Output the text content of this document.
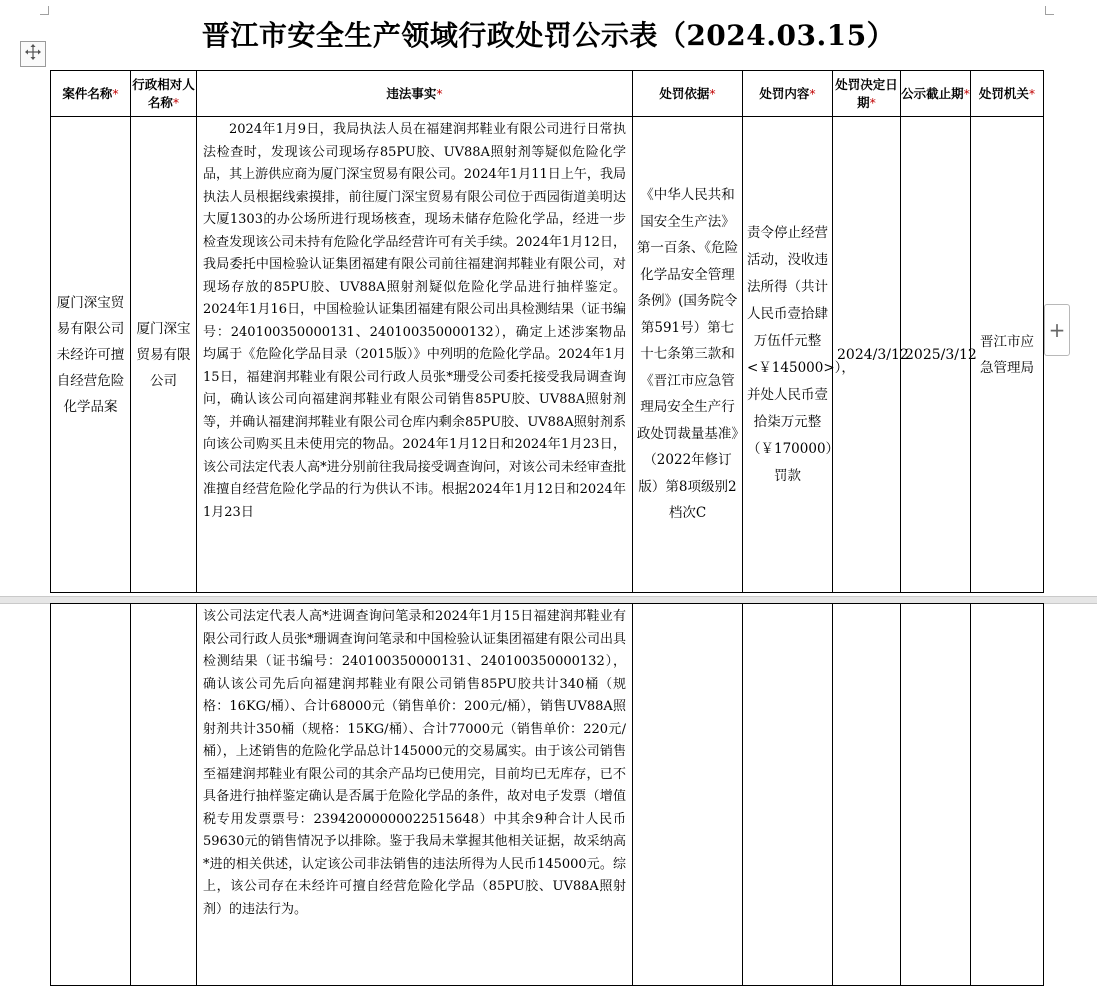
晋江市安全生产领域行政处罚公示表（2024.03.15）
案件名称*	行政相对人名称*	违法事实*	处罚依据*	处罚内容*	处罚决定日期*	公示截止期*	处罚机关*
厦门深宝贸易有限公司未经许可擅自经营危险化学品案	厦门深宝贸易有限公司	2024年1月9日，我局执法人员在福建润邦鞋业有限公司进行日常执法检查时，发现该公司现场存85PU胶、UV88A照射剂等疑似危险化学品，其上游供应商为厦门深宝贸易有限公司。2024年1月11日上午，我局执法人员根据线索摸排，前往厦门深宝贸易有限公司位于西园街道美明达大厦1303的办公场所进行现场核查，现场未储存危险化学品，经进一步检查发现该公司未持有危险化学品经营许可有关手续。2024年1月12日，我局委托中国检验认证集团福建有限公司前往福建润邦鞋业有限公司，对现场存放的85PU胶、UV88A照射剂疑似危险化学品进行抽样鉴定。2024年1月16日，中国检验认证集团福建有限公司出具检测结果（证书编号：240100350000131、240100350000132），确定上述涉案物品均属于《危险化学品目录（2015版）》中列明的危险化学品。2024年1月15日，福建润邦鞋业有限公司行政人员张*珊受公司委托接受我局调查询问，确认该公司向福建润邦鞋业有限公司销售85PU胶、UV88A照射剂等，并确认福建润邦鞋业有限公司仓库内剩余85PU胶、UV88A照射剂系向该公司购买且未使用完的物品。2024年1月12日和2024年1月23日，该公司法定代表人高*进分别前往我局接受调查询问，对该公司未经审查批准擅自经营危险化学品的行为供认不讳。根据2024年1月12日和2024年1月23日	《中华人民共和国安全生产法》第一百条、《危险化学品安全管理条例》(国务院令第591号）第七十七条第三款和《晋江市应急管理局安全生产行政处罚裁量基准》（2022年修订版）第8项级别2档次C	责令停止经营活动，没收违法所得（共计人民币壹拾肆万伍仟元整<￥145000>），并处人民币壹拾柒万元整（￥170000）罚款	2024/3/12	2025/3/12	晋江市应急管理局
+
		该公司法定代表人高*进调查询问笔录和2024年1月15日福建润邦鞋业有限公司行政人员张*珊调查询问笔录和中国检验认证集团福建有限公司出具检测结果（证书编号：240100350000131、240100350000132），确认该公司先后向福建润邦鞋业有限公司销售85PU胶共计340桶（规格：16KG/桶）、合计68000元（销售单价：200元/桶），销售UV88A照射剂共计350桶（规格：15KG/桶）、合计77000元（销售单价：220元/桶），上述销售的危险化学品总计145000元的交易属实。由于该公司销售至福建润邦鞋业有限公司的其余产品均已使用完，目前均已无库存，已不具备进行抽样鉴定确认是否属于危险化学品的条件，故对电子发票（增值税专用发票票号：23942000000022515648）中其余9种合计人民币59630元的销售情况予以排除。鉴于我局未掌握其他相关证据，故采纳高*进的相关供述，认定该公司非法销售的违法所得为人民币145000元。综上，该公司存在未经许可擅自经营危险化学品（85PU胶、UV88A照射剂）的违法行为。					
